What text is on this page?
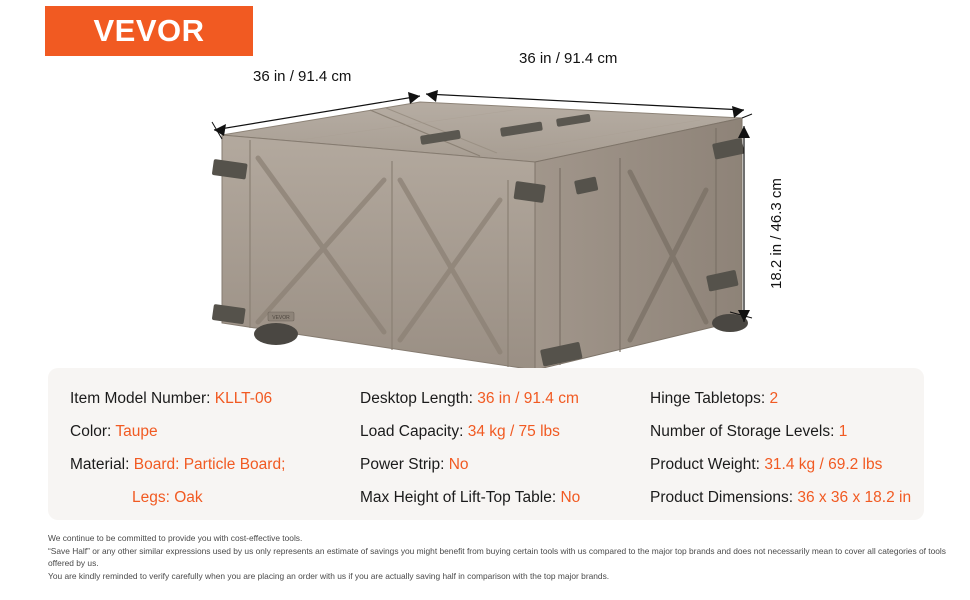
VEVOR
VEVOR
36 in / 91.4 cm
36 in / 91.4 cm
18.2 in / 46.3 cm
Item Model Number: KLLT-06	Desktop Length: 36 in / 91.4 cm	Hinge Tabletops: 2
Color: Taupe	Load Capacity: 34 kg / 75 lbs	Number of Storage Levels: 1
Material: Board: Particle Board;	Power Strip: No	Product Weight: 31.4 kg / 69.2 lbs
Legs: Oak	Max Height of Lift-Top Table: No	Product Dimensions: 36 x 36 x 18.2 in

We continue to be committed to provide you with cost-effective tools.

“Save Half” or any other similar expressions used by us only represents an estimate of savings you might benefit from buying certain tools with us compared to the major top brands and does not necessarily mean to cover all categories of tools offered by us.

You are kindly reminded to verify carefully when you are placing an order with us if you are actually saving half in comparison with the top major brands.
